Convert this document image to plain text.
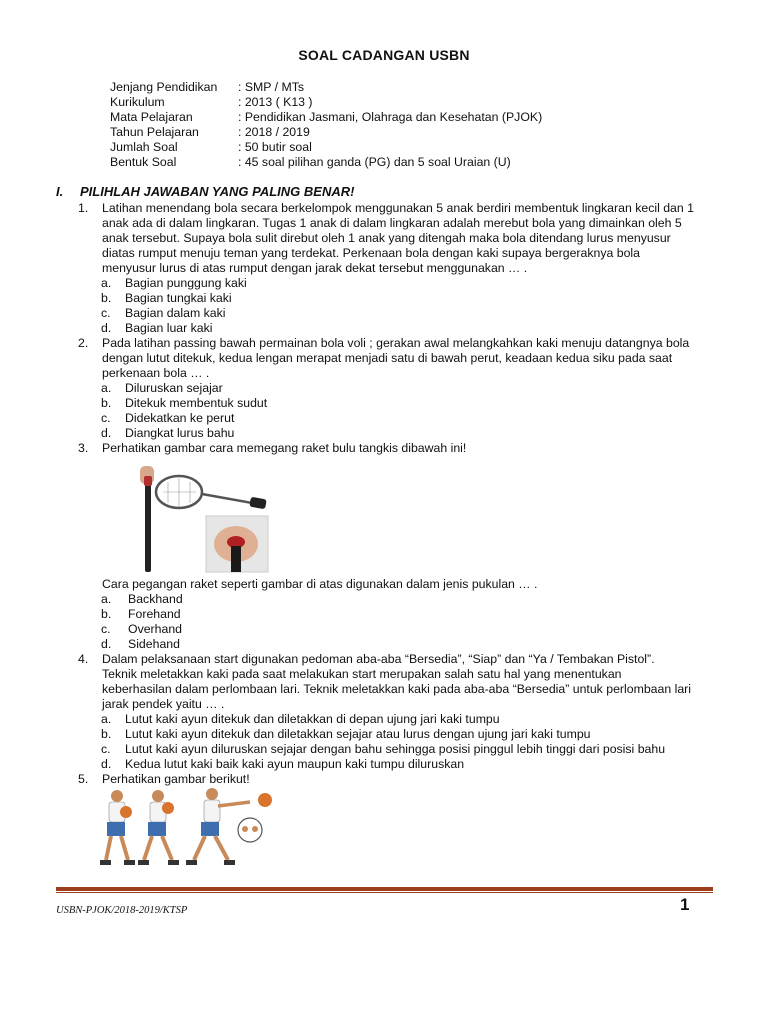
SOAL CADANGAN USBN
Jenjang Pendidikan	: SMP / MTs
Kurikulum	: 2013 ( K13 )
Mata Pelajaran	: Pendidikan Jasmani, Olahraga dan Kesehatan (PJOK)
Tahun Pelajaran	: 2018 / 2019
Jumlah Soal	: 50 butir soal
Bentuk Soal	: 45 soal pilihan ganda (PG) dan 5 soal Uraian (U)
I. PILIHLAH JAWABAN YANG PALING BENAR!
1. Latihan menendang bola secara berkelompok menggunakan 5 anak berdiri membentuk lingkaran kecil dan 1
anak ada di dalam lingkaran. Tugas 1 anak di dalam lingkaran adalah merebut bola yang dimainkan oleh 5
anak tersebut. Supaya bola sulit direbut oleh 1 anak yang ditengah maka bola ditendang lurus menyusur
diatas rumput menuju teman yang terdekat. Perkenaan bola dengan kaki supaya bergeraknya bola
menyusur lurus di atas rumput dengan jarak dekat tersebut menggunakan … .
a. Bagian punggung kaki
b. Bagian tungkai kaki
c. Bagian dalam kaki
d. Bagian luar kaki
2. Pada latihan passing bawah permainan bola voli ; gerakan awal melangkahkan kaki menuju datangnya bola
dengan lutut ditekuk, kedua lengan merapat menjadi satu di bawah perut, keadaan kedua siku pada saat
perkenaan bola … .
a. Diluruskan sejajar
b. Ditekuk membentuk sudut
c. Didekatkan ke perut
d. Diangkat lurus bahu
3. Perhatikan gambar cara memegang raket bulu tangkis dibawah ini!
Cara pegangan raket seperti gambar di atas digunakan dalam jenis pukulan … .
a. Backhand
b. Forehand
c. Overhand
d. Sidehand
4. Dalam pelaksanaan start digunakan pedoman aba-aba “Bersedia”, “Siap” dan “Ya / Tembakan Pistol”.
Teknik meletakkan kaki pada saat melakukan start merupakan salah satu hal yang menentukan
keberhasilan dalam perlombaan lari. Teknik meletakkan kaki pada aba-aba “Bersedia” untuk perlombaan lari
jarak pendek yaitu … .
a. Lutut kaki ayun ditekuk dan diletakkan di depan ujung jari kaki tumpu
b. Lutut kaki ayun ditekuk dan diletakkan sejajar atau lurus dengan ujung jari kaki tumpu
c. Lutut kaki ayun diluruskan sejajar dengan bahu sehingga posisi pinggul lebih tinggi dari posisi bahu
d. Kedua lutut kaki baik kaki ayun maupun kaki tumpu diluruskan
5. Perhatikan gambar berikut!
USBN-PJOK/2018-2019/KTSP	1
